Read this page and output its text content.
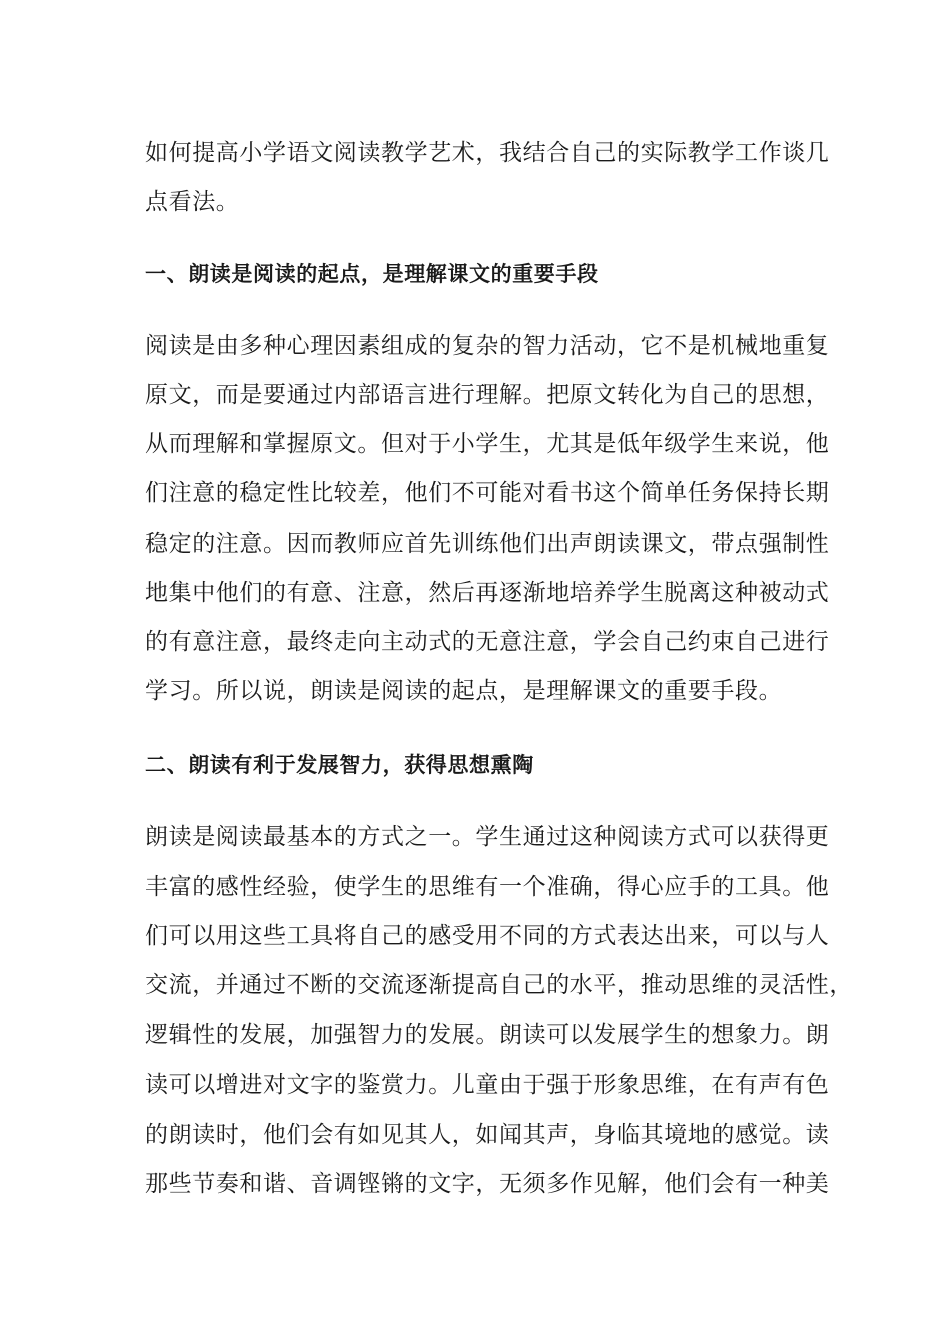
如何提高小学语文阅读教学艺术，我结合自己的实际教学工作谈几
点看法。
一、朗读是阅读的起点，是理解课文的重要手段
阅读是由多种心理因素组成的复杂的智力活动，它不是机械地重复
原文，而是要通过内部语言进行理解。把原文转化为自己的思想，
从而理解和掌握原文。但对于小学生，尤其是低年级学生来说，他
们注意的稳定性比较差，他们不可能对看书这个简单任务保持长期
稳定的注意。因而教师应首先训练他们出声朗读课文，带点强制性
地集中他们的有意、注意，然后再逐渐地培养学生脱离这种被动式
的有意注意，最终走向主动式的无意注意，学会自己约束自己进行
学习。所以说，朗读是阅读的起点，是理解课文的重要手段。
二、朗读有利于发展智力，获得思想熏陶
朗读是阅读最基本的方式之一。学生通过这种阅读方式可以获得更
丰富的感性经验，使学生的思维有一个准确，得心应手的工具。他
们可以用这些工具将自己的感受用不同的方式表达出来，可以与人
交流，并通过不断的交流逐渐提高自己的水平，推动思维的灵活性，
逻辑性的发展，加强智力的发展。朗读可以发展学生的想象力。朗
读可以增进对文字的鉴赏力。儿童由于强于形象思维，在有声有色
的朗读时，他们会有如见其人，如闻其声，身临其境地的感觉。读
那些节奏和谐、音调铿锵的文字，无须多作见解，他们会有一种美
